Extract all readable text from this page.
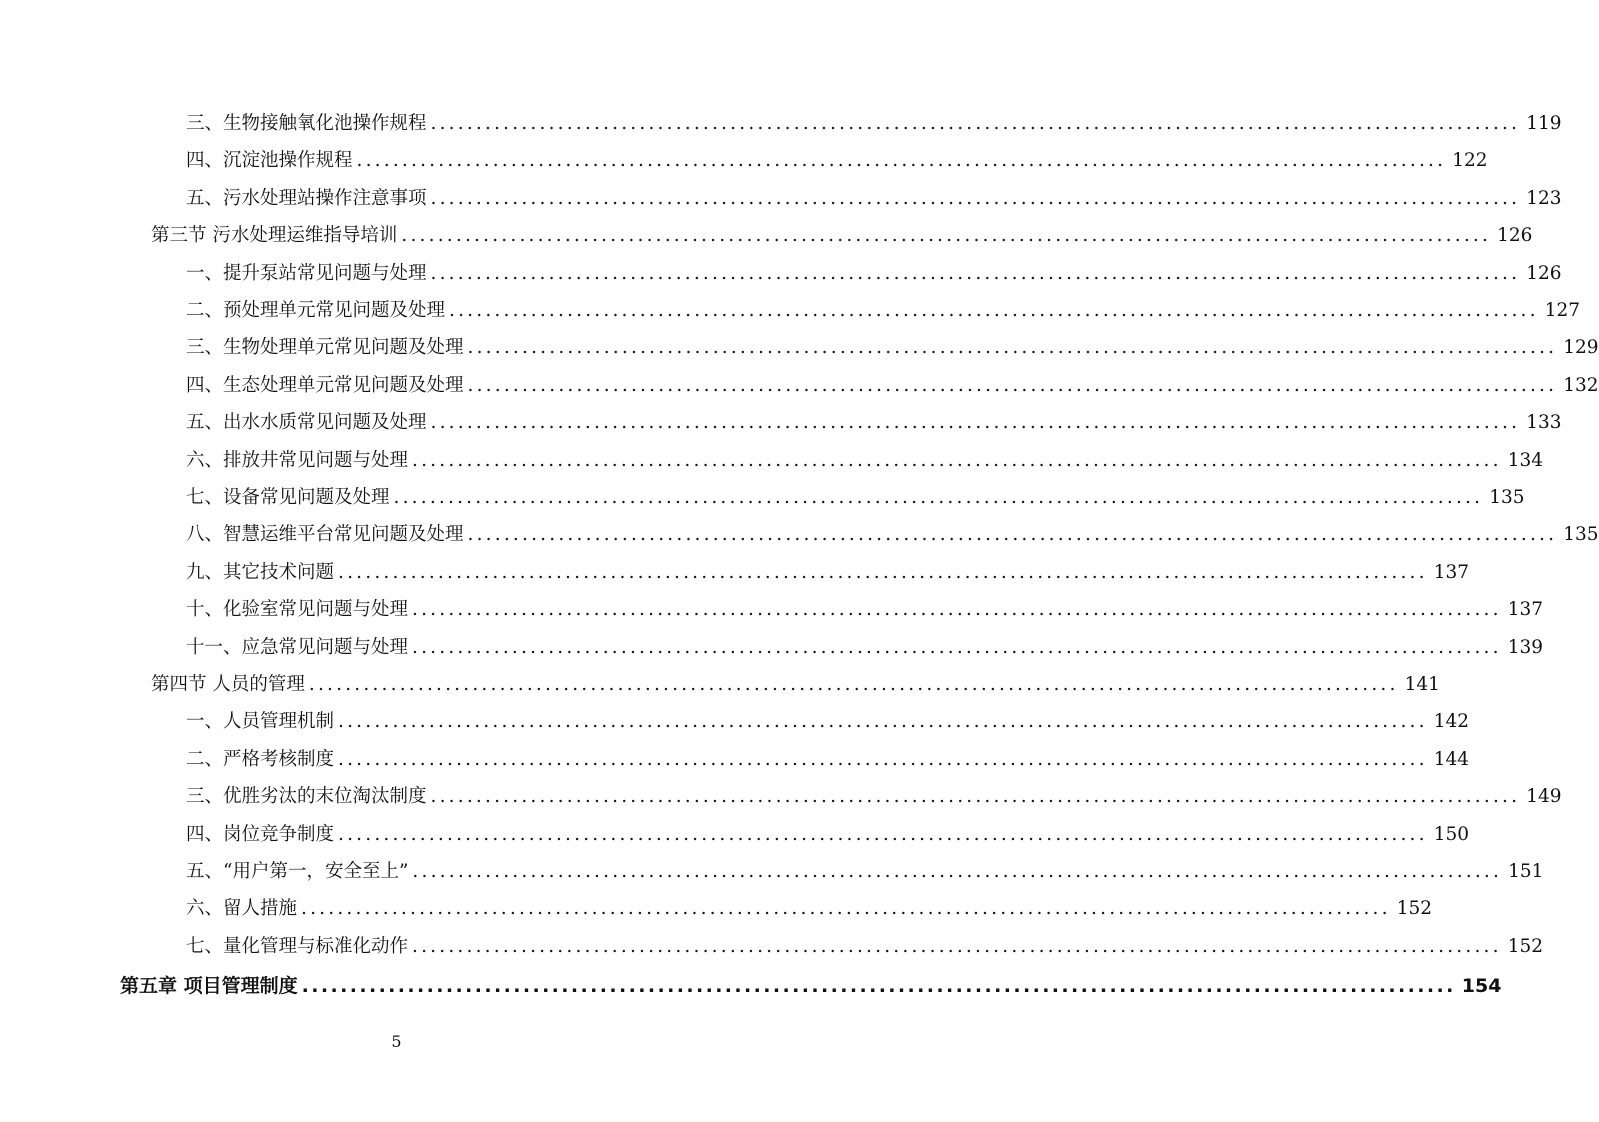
三、生物接触氧化池操作规程 ........................................................................................................................ 119
四、沉淀池操作规程 ........................................................................................................................ 122
五、污水处理站操作注意事项 ........................................................................................................................ 123
第三节 污水处理运维指导培训 ........................................................................................................................ 126
一、提升泵站常见问题与处理 ........................................................................................................................ 126
二、预处理单元常见问题及处理 ........................................................................................................................ 127
三、生物处理单元常见问题及处理 ........................................................................................................................ 129
四、生态处理单元常见问题及处理 ........................................................................................................................ 132
五、出水水质常见问题及处理 ........................................................................................................................ 133
六、排放井常见问题与处理 ........................................................................................................................ 134
七、设备常见问题及处理 ........................................................................................................................ 135
八、智慧运维平台常见问题及处理 ........................................................................................................................ 135
九、其它技术问题 ........................................................................................................................ 137
十、化验室常见问题与处理 ........................................................................................................................ 137
十一、应急常见问题与处理 ........................................................................................................................ 139
第四节 人员的管理 ........................................................................................................................ 141
一、人员管理机制 ........................................................................................................................ 142
二、严格考核制度 ........................................................................................................................ 144
三、优胜劣汰的末位淘汰制度 ........................................................................................................................ 149
四、岗位竞争制度 ........................................................................................................................ 150
五、“用户第一，安全至上” ........................................................................................................................ 151
六、留人措施 ........................................................................................................................ 152
七、量化管理与标准化动作 ........................................................................................................................ 152
第五章 项目管理制度 ........................................................................................................................ 154
5
